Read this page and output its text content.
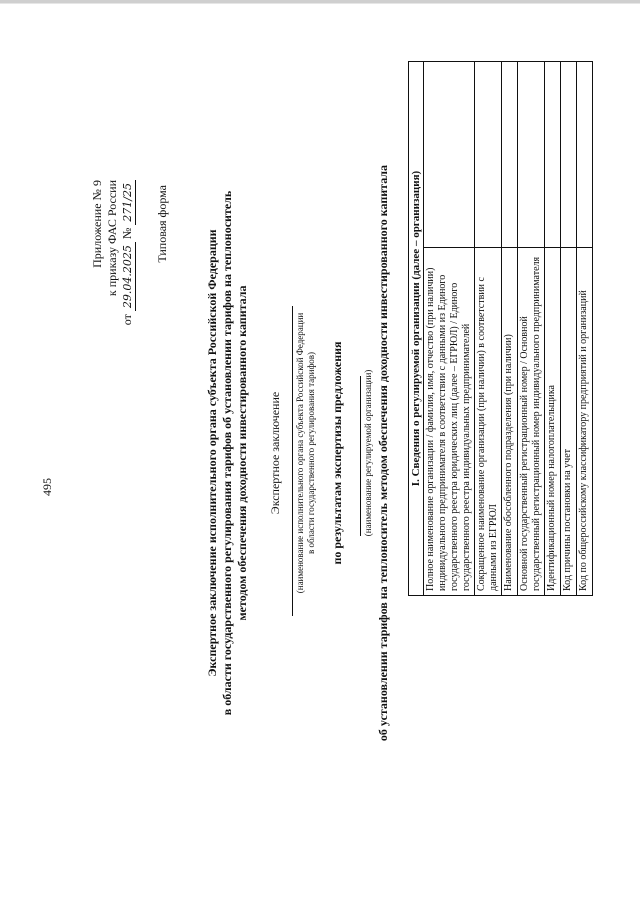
495
Приложение № 9 к приказу ФАС России
от 29.04.2025 № 271/25 Типовая форма
Экспертное заключение исполнительного органа субъекта Российской Федерации в области государственного регулирования тарифов об установлении тарифов на теплоноситель методом обеспечения доходности инвестированного капитала Экспертное заключение (наименование исполнительного органа субъекта Российской Федерации в области государственного регулирования тарифов) по результатам экспертизы предложения (наименование регулируемой организации) об установлении тарифов на теплоноситель методом обеспечения доходности инвестированного капитала I. Сведения о регулируемой организации (далее – организация)	
Полное наименование организации / фамилия, имя, отчество (при наличии) индивидуального предпринимателя в соответствии с данными из Единого государственного реестра юридических лиц (далее – ЕГРЮЛ) / Единого государственного реестра индивидуальных предпринимателей	
Сокращенное наименование организации (при наличии) в соответствии с данными из ЕГРЮЛ	
Наименование обособленного подразделения (при наличии)	
Основной государственный регистрационный номер / Основной государственный регистрационный номер индивидуального предпринимателя	
Идентификационный номер налогоплательщика	
Код причины постановки на учет	
Код по общероссийскому классификатору предприятий и организаций	
